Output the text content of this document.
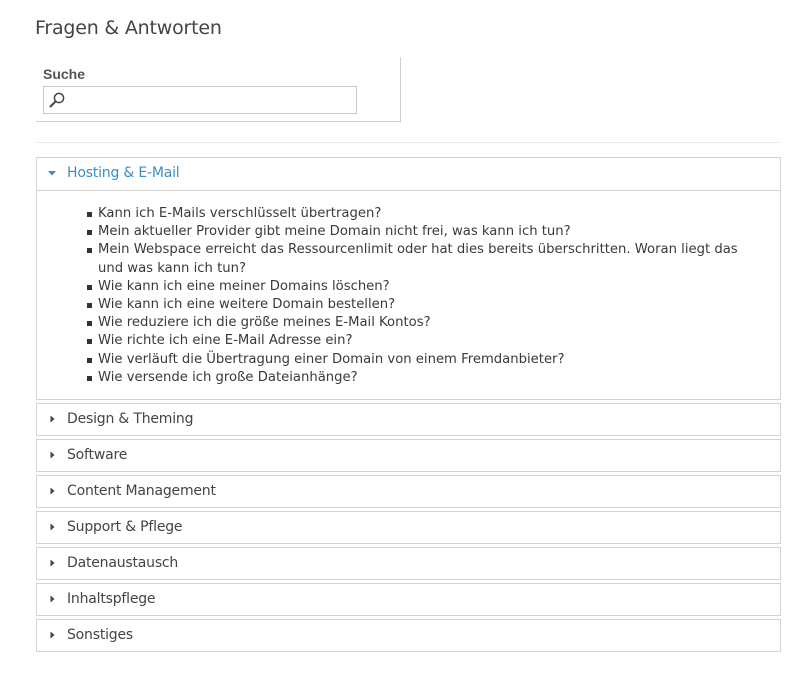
Fragen & Antworten
Suche
Hosting & E-Mail
Kann ich E-Mails verschlüsselt übertragen?
Mein aktueller Provider gibt meine Domain nicht frei, was kann ich tun?
Mein Webspace erreicht das Ressourcenlimit oder hat dies bereits überschritten. Woran liegt das und was kann ich tun?
Wie kann ich eine meiner Domains löschen?
Wie kann ich eine weitere Domain bestellen?
Wie reduziere ich die größe meines E-Mail Kontos?
Wie richte ich eine E-Mail Adresse ein?
Wie verläuft die Übertragung einer Domain von einem Fremdanbieter?
Wie versende ich große Dateianhänge?
Design & Theming
Software
Content Management
Support & Pflege
Datenaustausch
Inhaltspflege
Sonstiges
